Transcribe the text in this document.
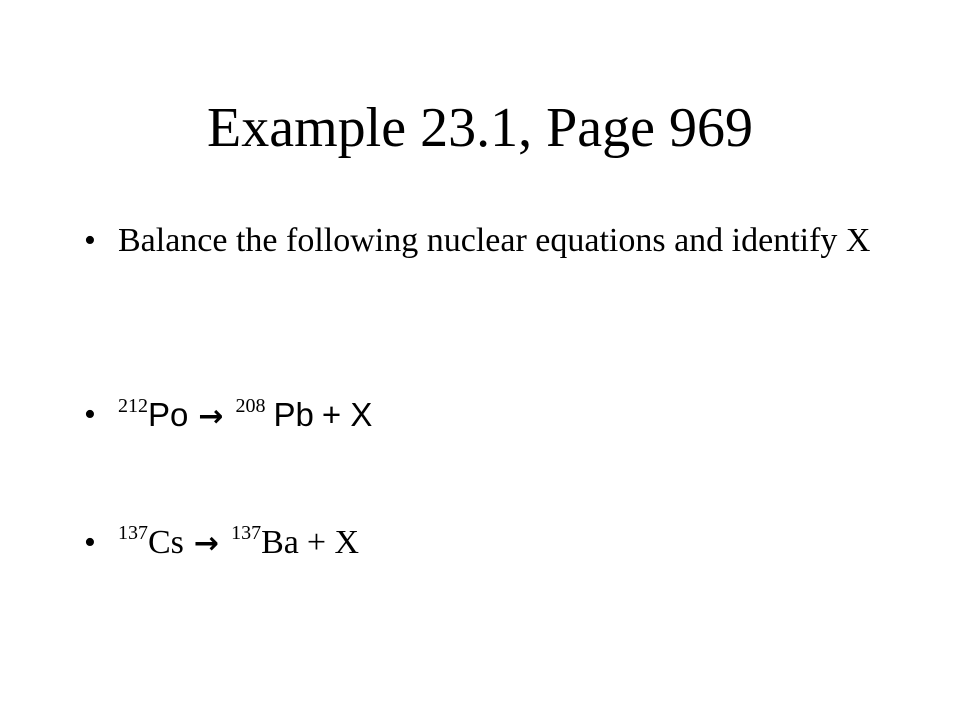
Example 23.1, Page 969
• Balance the following nuclear equations and identify X
• $^{212}$Po → $^{208}$ Pb + X
• $^{137}$Cs → $^{137}$Ba + X
